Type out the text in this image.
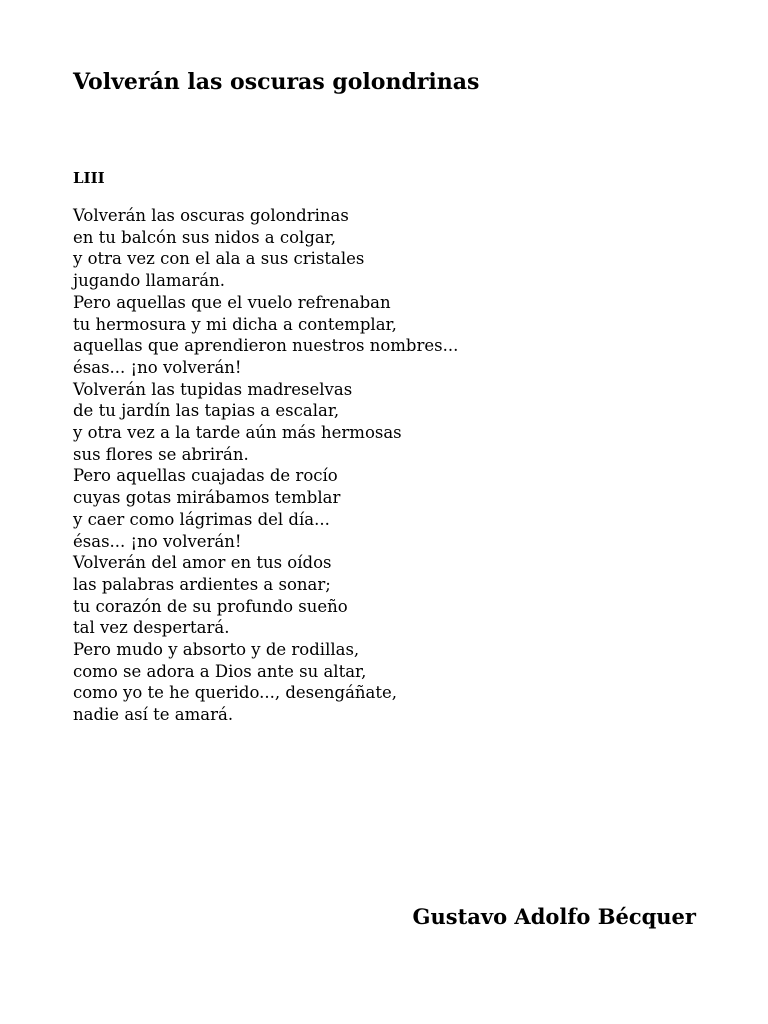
Volverán las oscuras golondrinas
LIII
Volverán las oscuras golondrinas
en tu balcón sus nidos a colgar,
y otra vez con el ala a sus cristales
jugando llamarán.
Pero aquellas que el vuelo refrenaban
tu hermosura y mi dicha a contemplar,
aquellas que aprendieron nuestros nombres...
ésas... ¡no volverán!
Volverán las tupidas madreselvas
de tu jardín las tapias a escalar,
y otra vez a la tarde aún más hermosas
sus flores se abrirán.
Pero aquellas cuajadas de rocío
cuyas gotas mirábamos temblar
y caer como lágrimas del día...
ésas... ¡no volverán!
Volverán del amor en tus oídos
las palabras ardientes a sonar;
tu corazón de su profundo sueño
tal vez despertará.
Pero mudo y absorto y de rodillas,
como se adora a Dios ante su altar,
como yo te he querido..., desengáñate,
nadie así te amará.
Gustavo Adolfo Bécquer
